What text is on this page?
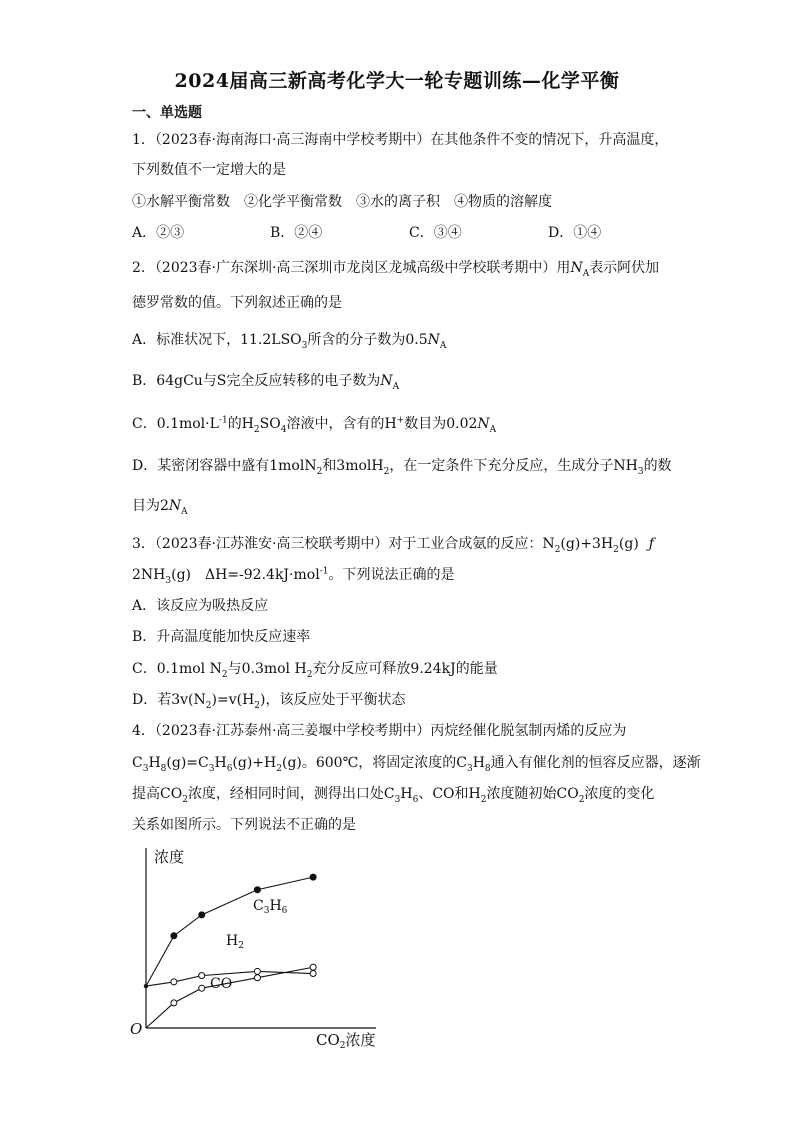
2024届高三新高考化学大一轮专题训练—化学平衡
一、单选题
1．（2023春·海南海口·高三海南中学校考期中）在其他条件不变的情况下，升高温度，
下列数值不一定增大的是
①水解平衡常数　②化学平衡常数　③水的离子积　④物质的溶解度
A．②③	B．②④	C．③④	D．①④
2．（2023春·广东深圳·高三深圳市龙岗区龙城高级中学校联考期中）用$N_A$表示阿伏加
德罗常数的值。下列叙述正确的是
A．标准状况下，$11.2LSO_3$所含的分子数为$0.5N_A$
B．64gCu与S完全反应转移的电子数为$N_A$
C．$0.1mol\cdot L^{-1}$的$H_2SO_4$溶液中，含有的H+数目为$0.02N_A$
D．某密闭容器中盛有1molN$_2$和3molH$_2$，在一定条件下充分反应，生成分子$NH_3$的数
目为$2N_A$
3．（2023春·江苏淮安·高三校联考期中）对于工业合成氨的反应：$N_2(g)+3H_2(g)$ ƒ
$2NH_3(g)$　ΔH=-92.4kJ·mol$^{-1}$。下列说法正确的是
A．该反应为吸热反应
B．升高温度能加快反应速率
C．0.1mol $N_2$与0.3mol $H_2$充分反应可释放9.24kJ的能量
D．若$3v(N_2)=v(H_2)$，该反应处于平衡状态
4．（2023春·江苏泰州·高三姜堰中学校考期中）丙烷经催化脱氢制丙烯的反应为
$C_3H_8(g)=C_3H_6(g)+H_2(g)$。600℃，将固定浓度的$C_3H_8$通入有催化剂的恒容反应器，逐渐
提高$CO_2$浓度，经相同时间，测得出口处$C_3H_6$、CO和$H_2$浓度随初始$CO_2$浓度的变化
关系如图所示。下列说法不正确的是
浓度
O
$CO_2$浓度
$C_3H_6$
$H_2$
CO
